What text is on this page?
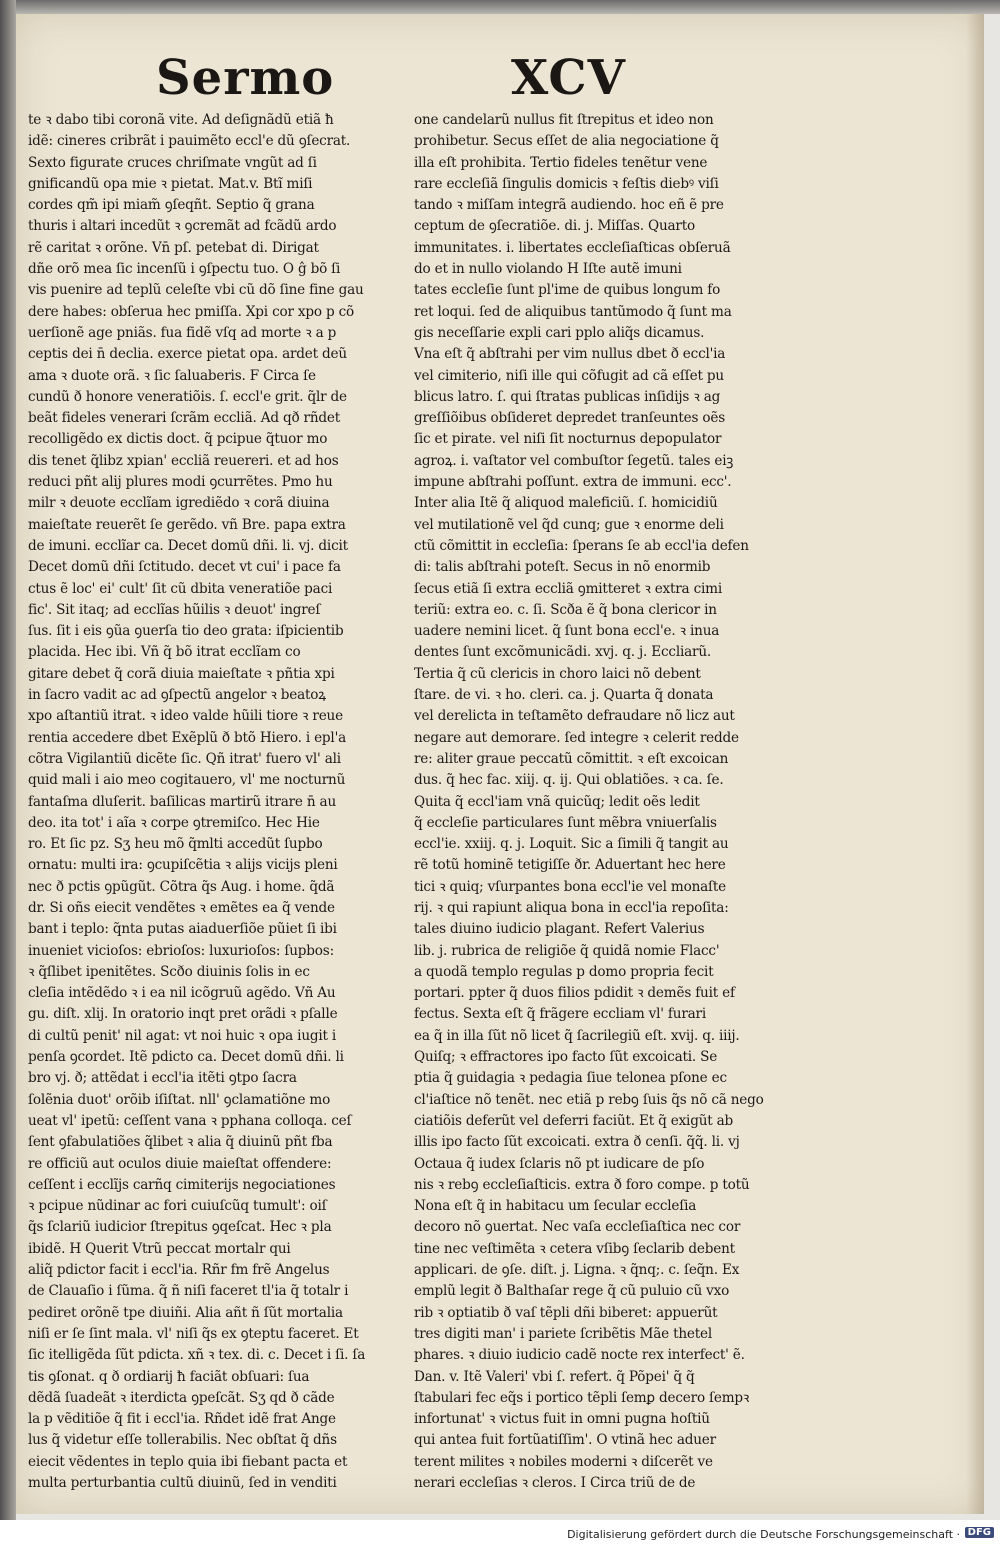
Sermo	XCV
te ꝛ dabo tibi coronã vite. Ad deſignãdũ etiã ħ
idẽ: cineres cribrãt i pauimẽto eccl'e dũ ꝯſecrat.
Sexto figurate cruces chriſmate vngũt ad ſi
gnificandũ opa mie ꝛ pietat. Mat.v. Btĩ miſi
cordes qm̃ ipi miam̃ ꝯſeqñt. Septio q̃ grana
thuris i altari incedũt ꝛ ꝯcremãt ad fcãdũ ardo
rẽ caritat ꝛ orõne. Vn̄ pſ. petebat di. Dirigat
dñe orõ mea ſic incenſũ i ꝯſpectu tuo. O ĝ bõ ſi
vis puenire ad teplũ celeſte vbi cũ dõ ſine fine gau
dere habes: obſerua hec pmiſſa. Xpi cor xpo p cõ
uerſionẽ age pniãs. fua fidẽ vſq ad morte ꝛ a p
ceptis dei n̄ declia. exerce pietat opa. ardet deũ
ama ꝛ duote orã. ꝛ ſic ſaluaberis. F Circa ſe
cundũ ð honore veneratiõis. ſ. eccl'e grit. q̃lr de
beãt fideles venerari ſcrãm eccliã. Ad qð rñdet
recolligẽdo ex dictis doct. q̃ pcipue q̃tuor mo
dis tenet q̃libz xpian' eccliã reuereri. et ad hos
reduci pñt alij plures modi ꝯcurrẽtes. Pmo hu
milr ꝛ deuote ecclĩam igrediẽdo ꝛ corã diuina
maieſtate reuerẽt ſe gerẽdo. vñ Bre. papa extra
de imuni. ecclĩar ca. Decet domũ dñi. li. vj. dicit
Decet domũ dñi ſctitudo. decet vt cui' i pace fa
ctus ẽ loc' ei' cult' ſit cũ dbita veneratiõe paci
fic'. Sit itaq; ad ecclĩas hũilis ꝛ deuot' ingreſ
ſus. ſit i eis ꝯũa ꝯuerſa tio deo grata: iſpicientib
placida. Hec ibi. Vñ q̃ bõ itrat ecclĩam co
gitare debet q̃ corã diuia maieſtate ꝛ pñtia xpi
in ſacro vadit ac ad ꝯſpectũ angelor ꝛ beatoꝝ
xpo aſtantiũ itrat. ꝛ ideo valde hũili tiore ꝛ reue
rentia accedere dbet Exẽplũ ð btõ Hiero. i epl'a
cõtra Vigilantiũ dicẽte ſic. Qñ itrat' fuero vl' ali
quid mali i aio meo cogitauero, vl' me nocturnũ
fantaſma dluſerit. baſilicas martirũ itrare n̄ au
deo. ita tot' i aĩa ꝛ corpe ꝯtremiſco. Hec Hie
ro. Et ſic pz. Sʒ heu mõ q̃mlti accedũt ſupbo
ornatu: multi ira: ꝯcupiſcẽtia ꝛ alijs vicijs pleni
nec ð pctis ꝯpũgũt. Cõtra q̃s Aug. i home. q̃dã
dr. Si oñs eiecit vendẽtes ꝛ emẽtes ea q̃ vende
bant i teplo: q̃nta putas aiaduerſiõe pũiet ſi ibi
inueniet vicioſos: ebrioſos: luxurioſos: ſupbos:
ꝛ q̃ſlibet ipenitẽtes. Scðo diuinis ſolis in ec
cleſia intẽdẽdo ꝛ i ea nil icõgruũ agẽdo. Vñ Au
gu. diſt. xlij. In oratorio inqt pret orãdi ꝛ pſalle
di cultũ penit' nil agat: vt noi huic ꝛ opa iugit i
penſa ꝯcordet. Itẽ pdicto ca. Decet domũ dñi. li
bro vj. ð; attẽdat i eccl'ia itẽti ꝯtpo ſacra
ſolẽnia duot' orõib iſiſtat. nll' ꝯclamatiõne mo
ueat vl' ipetũ: ceſſent vana ꝛ pphana colloqa. ceſ
ſent ꝯfabulatiões q̃libet ꝛ alia q̃ diuinũ pñt fba
re officiũ aut oculos diuie maieſtat offendere:
ceſſent i ecclĩjs carñq cimiterijs negociationes
ꝛ pcipue nũdinar ac fori cuiuſcũq tumult': oiſ
q̃s ſclariũ iudicior ſtrepitus ꝯqeſcat. Hec ꝛ pla
ibidẽ. H Querit Vtrũ peccat mortalr qui
aliq̃ pdictor facit i eccl'ia. Rñr fm frẽ Angelus
de Clauaſio i ſũma. q̃ ñ niſi faceret tl'ia q̃ totalr i
pediret orõnẽ tpe diuiñi. Alia añt ñ ſũt mortalia
niſi er ſe ſint mala. vl' niſi q̃s ex ꝯteptu faceret. Et
ſic itelligẽda ſũt pdicta. xñ ꝛ tex. di. c. Decet i ſi. ſa
tis ꝯſonat. q ð ordiarij ħ faciãt obſuari: ſua
dẽdã ſuadeãt ꝛ iterdicta ꝯpeſcãt. Sʒ qd ð cãde
la p vẽditiõe q̃ fit i eccl'ia. Rñdet idẽ frat Ange
lus q̃ videtur eſſe tollerabilis. Nec obſtat q̃ dñs
eiecit vẽdentes in teplo quia ibi fiebant pacta et
multa perturbantia cultũ diuinũ, ſed in venditi
one candelarũ nullus fit ſtrepitus et ideo non
prohibetur. Secus eſſet de alia negociatione q̃
illa eſt prohibita. Tertio fideles tenẽtur vene
rare eccleſiã ſingulis domicis ꝛ feſtis diebꝰ viſi
tando ꝛ miſſam integrã audiendo. hoc eñ ẽ pre
ceptum de ꝯſecratiõe. di. j. Miſſas. Quarto
immunitates. i. libertates eccleſiaſticas obſeruã
do et in nullo violando H Iſte autẽ imuni
tates eccleſie ſunt pl'ime de quibus longum fo
ret loqui. ſed de aliquibus tantũmodo q̃ ſunt ma
gis neceſſarie expli cari pplo aliq̃s dicamus.
Vna eſt q̃ abſtrahi per vim nullus dbet ð eccl'ia
vel cimiterio, niſi ille qui cõfugit ad cã eſſet pu
blicus latro. ſ. qui ſtratas publicas inſidijs ꝛ ag
greſſiõibus obſideret depredet tranſeuntes oẽs
ſic et pirate. vel niſi ſit nocturnus depopulator
agroꝝ. i. vaſtator vel combuſtor ſegetũ. tales eiꝫ
impune abſtrahi poſſunt. extra de immuni. ecc'.
Inter alia Itẽ q̃ aliquod maleficiũ. ſ. homicidiũ
vel mutilationẽ vel q̃d cunq; gue ꝛ enorme deli
ctũ cõmittit in eccleſia: ſperans ſe ab eccl'ia defen
di: talis abſtrahi poteſt. Secus in nõ enormib
ſecus etiã ſi extra eccliã ꝯmitteret ꝛ extra cimi
teriũ: extra eo. c. ſi. Scða ẽ q̃ bona clericor in
uadere nemini licet. q̃ ſunt bona eccl'e. ꝛ inua
dentes ſunt excõmunicãdi. xvj. q. j. Eccliarũ.
Tertia q̃ cũ clericis in choro laici nõ debent
ſtare. de vi. ꝛ ho. cleri. ca. j. Quarta q̃ donata
vel derelicta in teſtamẽto defraudare nõ licz aut
negare aut demorare. ſed integre ꝛ celerit redde
re: aliter graue peccatũ cõmittit. ꝛ eſt excoican
dus. q̃ hec fac. xiij. q. ij. Qui oblatiões. ꝛ ca. ſe.
Quita q̃ eccl'iam vnã quicũq; ledit oẽs ledit
q̃ eccleſie particulares ſunt mẽbra vniuerſalis
eccl'ie. xxiij. q. j. Loquit. Sic a ſimili q̃ tangit au
rẽ totũ hominẽ tetigiſſe ðr. Aduertant hec here
tici ꝛ quiq; vſurpantes bona eccl'ie vel monaſte
rij. ꝛ qui rapiunt aliqua bona in eccl'ia repoſita:
tales diuino iudicio plagant. Refert Valerius
lib. j. rubrica de religiõe q̃ quidã nomie Flacc'
a quodã templo regulas p domo propria fecit
portari. ppter q̃ duos filios pdidit ꝛ demẽs fuit ef
fectus. Sexta eſt q̃ frãgere eccliam vl' furari
ea q̃ in illa ſũt nõ licet q̃ ſacrilegiũ eſt. xvij. q. iiij.
Quiſq; ꝛ effractores ipo facto ſũt excoicati. Se
ptia q̃ guidagia ꝛ pedagia ſiue telonea pſone ec
cl'iaſtice nõ tenẽt. nec etiã p rebꝯ ſuis q̃s nõ cã nego
ciatiõis deferũt vel deferri faciũt. Et q̃ exigũt ab
illis ipo facto ſũt excoicati. extra ð cenſi. q̃q̃. li. vj
Octaua q̃ iudex ſclaris nõ pt iudicare de pſo
nis ꝛ rebꝯ eccleſiaſticis. extra ð foro compe. p totũ
Nona eſt q̃ in habitacu um ſecular eccleſia
decoro nõ ꝯuertat. Nec vaſa eccleſiaſtica nec cor
tine nec veſtimẽta ꝛ cetera vſibꝯ ſeclarib debent
applicari. de ꝯſe. diſt. j. Ligna. ꝛ q̃nq;. c. ſeq̃n. Ex
emplũ legit ð Balthaſar rege q̃ cũ puluio cũ vxo
rib ꝛ optiatib ð vaſ tẽpli dñi biberet: appuerũt
tres digiti man' i pariete ſcribẽtis Mãe thetel
phares. ꝛ diuio iudicio cadẽ nocte rex interfect' ẽ.
Dan. v. Itẽ Valeri' vbi ſ. refert. q̃ Põpei' q̃ q̃
ſtabulari fec eq̃s i portico tẽpli ſemꝑ decero ſempꝛ
infortunat' ꝛ victus fuit in omni pugna hoſtiũ
qui antea fuit fortũatiſſim'. O vtinã hec aduer
terent milites ꝛ nobiles moderni ꝛ diſcerẽt ve
nerari eccleſias ꝛ cleros. I Circa triũ de de
Digitalisierung gefördert durch die Deutsche Forschungsgemeinschaft · DFG
